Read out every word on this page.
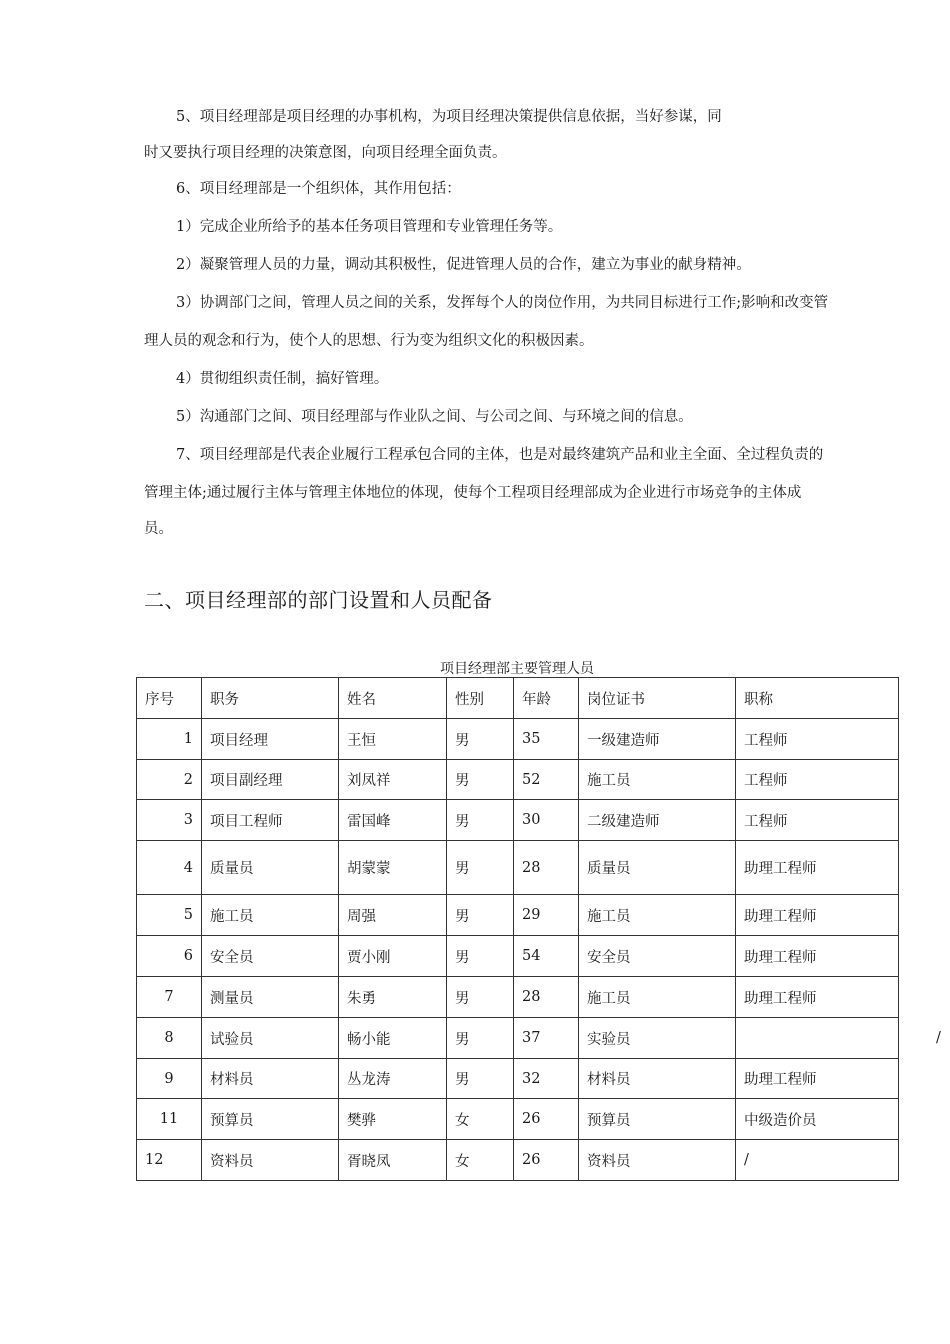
5、项目经理部是项目经理的办事机构，为项目经理决策提供信息依据，当好参谋，同

时又要执行项目经理的决策意图，向项目经理全面负责。

6、项目经理部是一个组织体，其作用包括：

1）完成企业所给予的基本任务项目管理和专业管理任务等。

2）凝聚管理人员的力量，调动其积极性，促进管理人员的合作，建立为事业的献身精神。

3）协调部门之间，管理人员之间的关系，发挥每个人的岗位作用，为共同目标进行工作;影响和改变管

理人员的观念和行为，使个人的思想、行为变为组织文化的积极因素。

4）贯彻组织责任制，搞好管理。

5）沟通部门之间、项目经理部与作业队之间、与公司之间、与环境之间的信息。

7、项目经理部是代表企业履行工程承包合同的主体，也是对最终建筑产品和业主全面、全过程负责的

管理主体;通过履行主体与管理主体地位的体现，使每个工程项目经理部成为企业进行市场竞争的主体成

员。

二、项目经理部的部门设置和人员配备
项目经理部主要管理人员
序号	职务	姓名	性别	年龄	岗位证书	职称
1	项目经理	王恒	男	35	一级建造师	工程师
2	项目副经理	刘凤祥	男	52	施工员	工程师
3	项目工程师	雷国峰	男	30	二级建造师	工程师
4	质量员	胡蒙蒙	男	28	质量员	助理工程师
5	施工员	周强	男	29	施工员	助理工程师
6	安全员	贾小刚	男	54	安全员	助理工程师
7	测量员	朱勇	男	28	施工员	助理工程师
8	试验员	畅小能	男	37	实验员	/
9	材料员	丛龙涛	男	32	材料员	助理工程师
11	预算员	樊骅	女	26	预算员	中级造价员
12	资料员	胥晓凤	女	26	资料员	/
